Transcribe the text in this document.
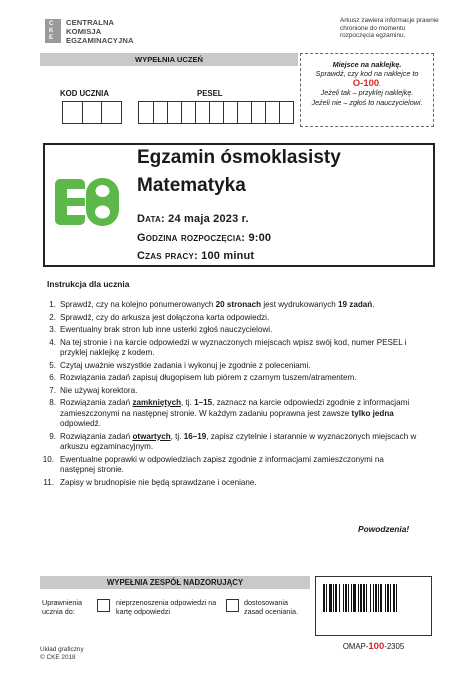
C
K
E
CENTRALNA
KOMISJA
EGZAMINACYJNA
Arkusz zawiera informacje prawnie chronione do momentu rozpoczęcia egzaminu.
WYPEŁNIA UCZEŃ
KOD UCZNIA	PESEL
Miejsce na naklejkę.
Sprawdź, czy kod na naklejce to
O-100.
Jeżeli tak – przyklej naklejkę.
Jeżeli nie – zgłoś to nauczycielowi.
Egzamin ósmoklasisty
Matematyka
Data: 24 maja 2023 r.
Godzina rozpoczęcia: 9:00
Czas pracy: 100 minut
Instrukcja dla ucznia
1. Sprawdź, czy na kolejno ponumerowanych 20 stronach jest wydrukowanych 19 zadań.
2. Sprawdź, czy do arkusza jest dołączona karta odpowiedzi.
3. Ewentualny brak stron lub inne usterki zgłoś nauczycielowi.
4. Na tej stronie i na karcie odpowiedzi w wyznaczonych miejscach wpisz swój kod, numer PESEL i przyklej naklejkę z kodem.
5. Czytaj uważnie wszystkie zadania i wykonuj je zgodnie z poleceniami.
6. Rozwiązania zadań zapisuj długopisem lub piórem z czarnym tuszem/atramentem.
7. Nie używaj korektora.
8. Rozwiązania zadań zamkniętych, tj. 1–15, zaznacz na karcie odpowiedzi zgodnie z informacjami zamieszczonymi na następnej stronie. W każdym zadaniu poprawna jest zawsze tylko jedna odpowiedź.
9. Rozwiązania zadań otwartych, tj. 16–19, zapisz czytelnie i starannie w wyznaczonych miejscach w arkuszu egzaminacyjnym.
10. Ewentualne poprawki w odpowiedziach zapisz zgodnie z informacjami zamieszczonymi na następnej stronie.
11. Zapisy w brudnopisie nie będą sprawdzane i oceniane.
Powodzenia!
WYPEŁNIA ZESPÓŁ NADZORUJĄCY
Uprawnienia ucznia do:
nieprzenoszenia odpowiedzi na kartę odpowiedzi
dostosowania zasad oceniania.
OMAP-100-2305
Układ graficzny
© CKE 2018
